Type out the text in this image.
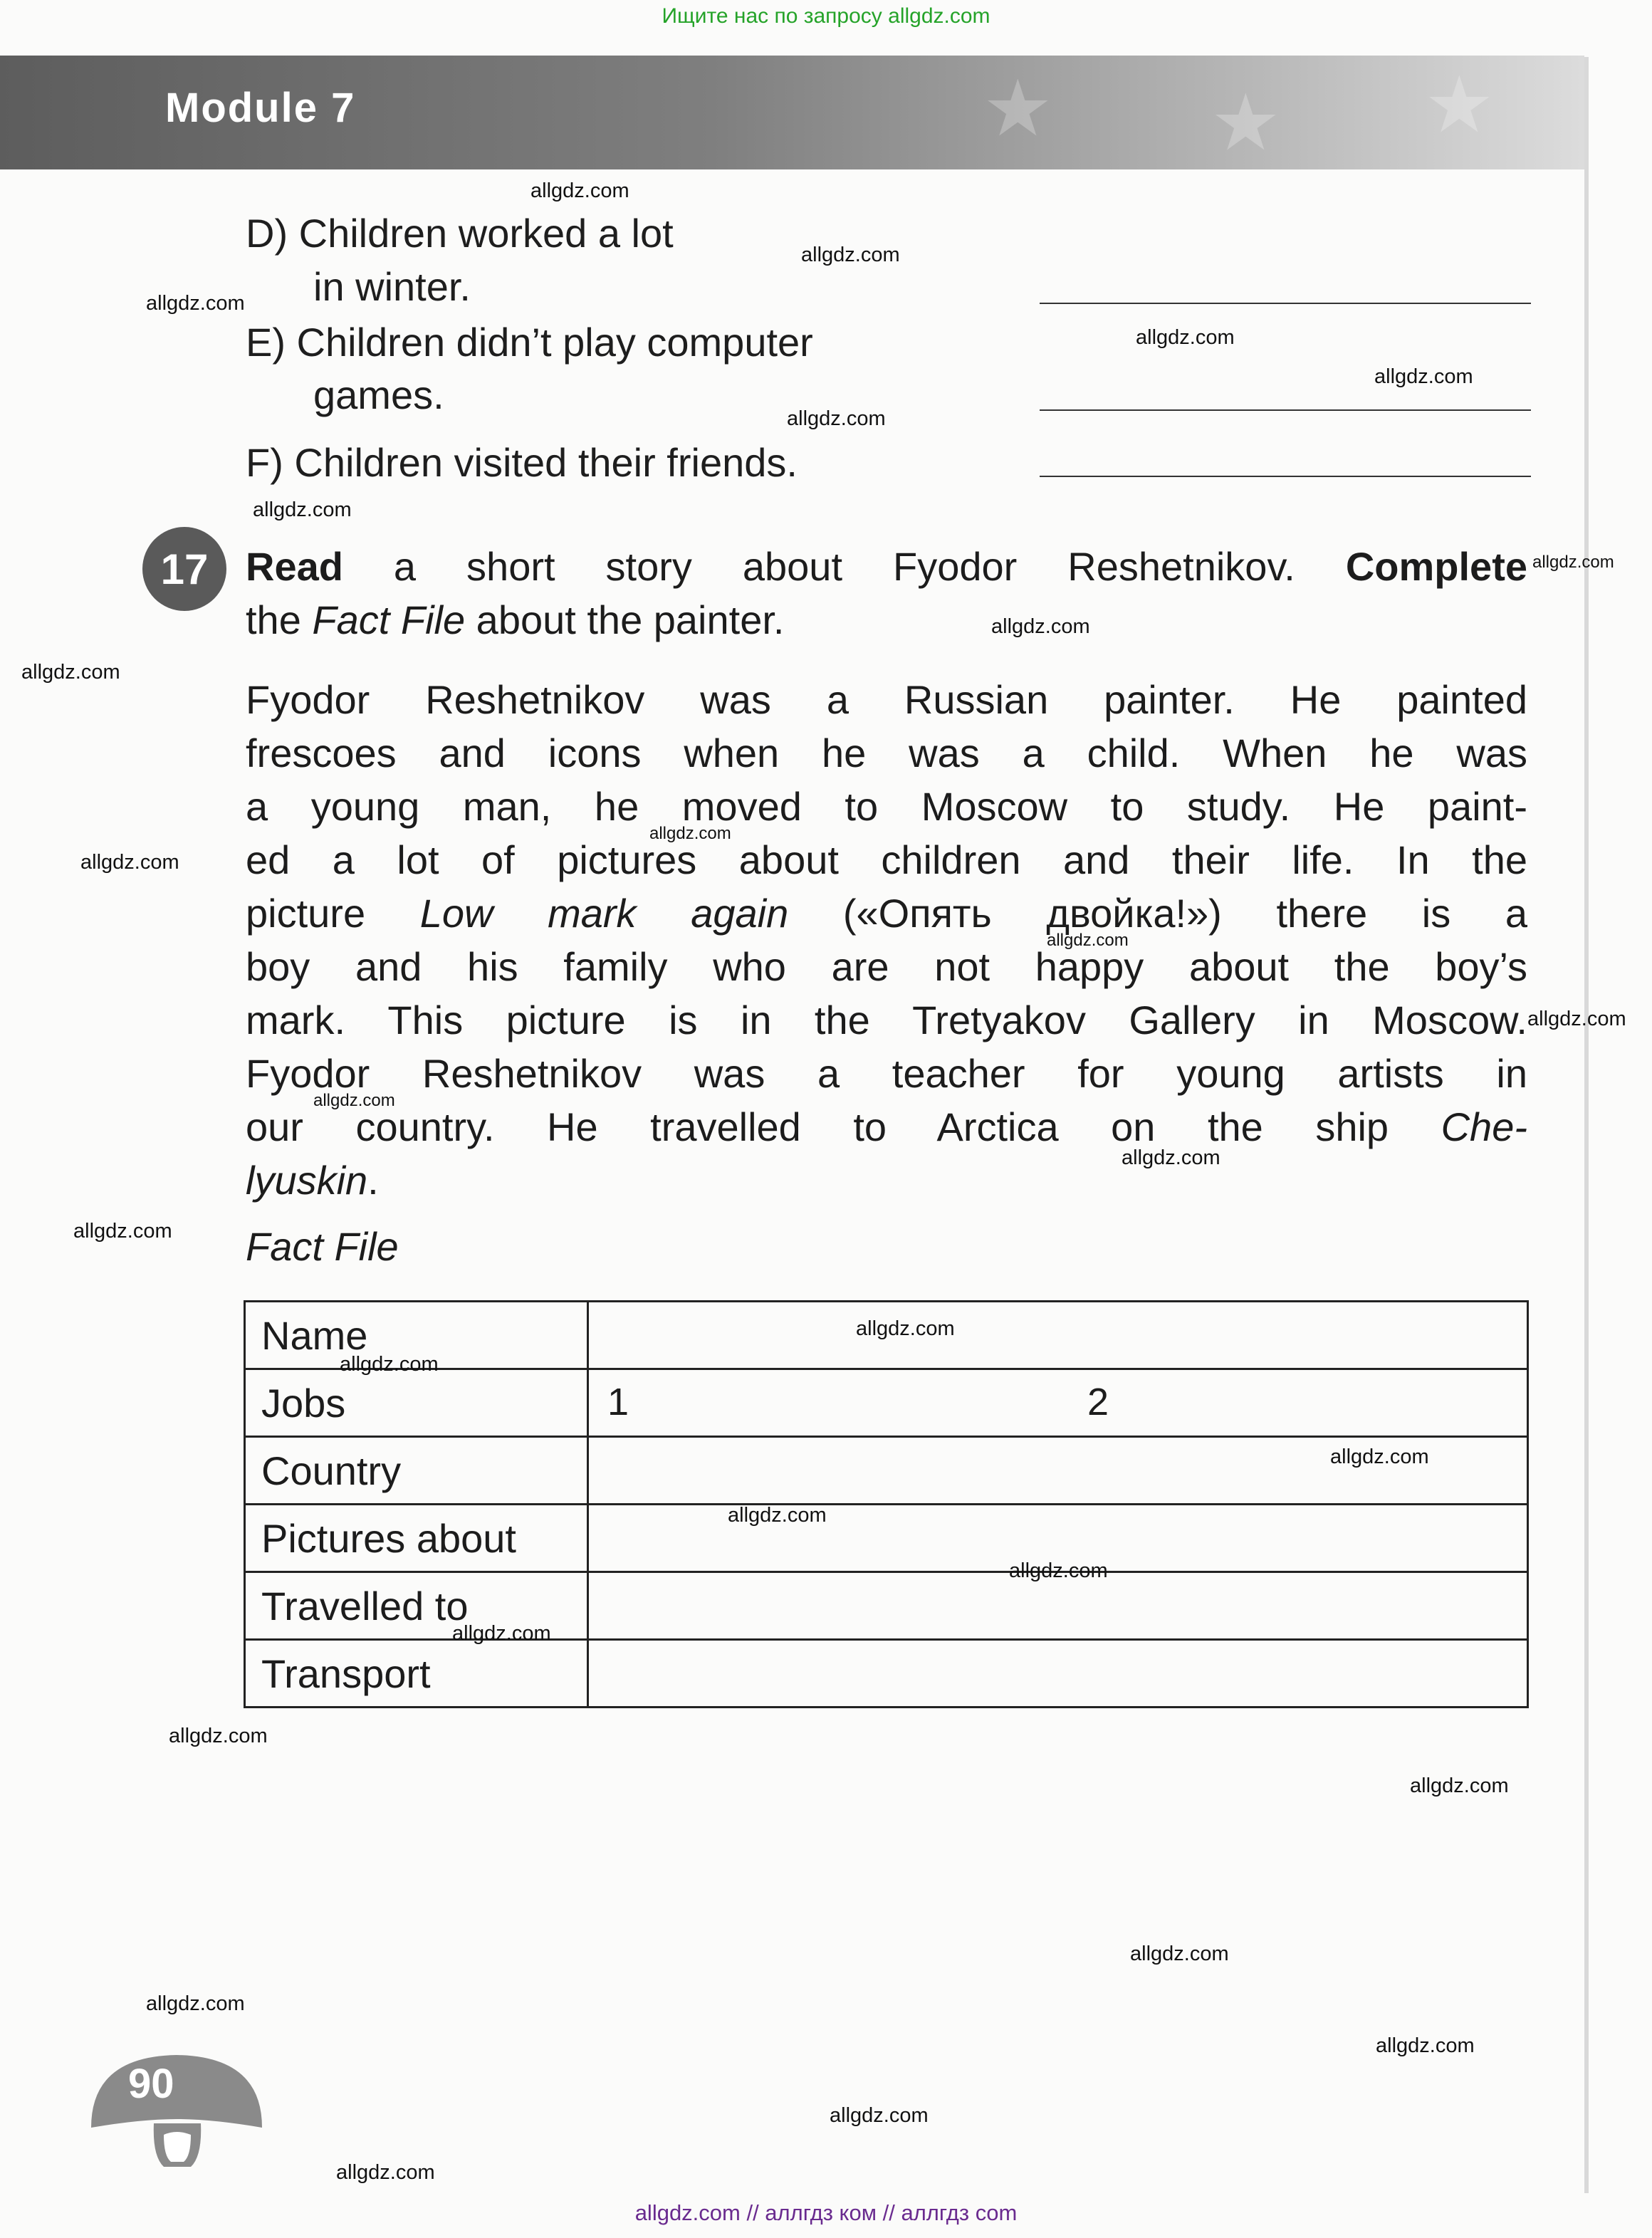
Ищите нас по запросу allgdz.com
★ ★ ★
Module 7
D) Children worked a lot
in winter.
E) Children didn’t play computer
games.
F) Children visited their friends.
17 Read a short story about Fyodor Reshetnikov. Complete
the Fact File about the painter.
Fyodor Reshetnikov was a Russian painter. He painted
frescoes and icons when he was a child. When he was
a young man, he moved to Moscow to study. He paint-
ed a lot of pictures about children and their life. In the
picture Low mark again («Опять двойка!») there is a
boy and his family who are not happy about the boy’s
mark. This picture is in the Tretyakov Gallery in Moscow.
Fyodor Reshetnikov was a teacher for young artists in
our country. He travelled to Arctica on the ship Che-
lyuskin.
Fact File
Name	
Jobs	1 2

Country	
Pictures about	
Travelled to	
Transport	
90
allgdz.com
allgdz.com
allgdz.com
allgdz.com
allgdz.com
allgdz.com
allgdz.com
allgdz.com
allgdz.com
allgdz.com
allgdz.com
allgdz.com
allgdz.com
allgdz.com
allgdz.com
allgdz.com
allgdz.com
allgdz.com
allgdz.com
allgdz.com
allgdz.com
allgdz.com
allgdz.com
allgdz.com
allgdz.com
allgdz.com
allgdz.com
allgdz.com
allgdz.com
allgdz.com
allgdz.com // аллгдз ком // аллгдз com
